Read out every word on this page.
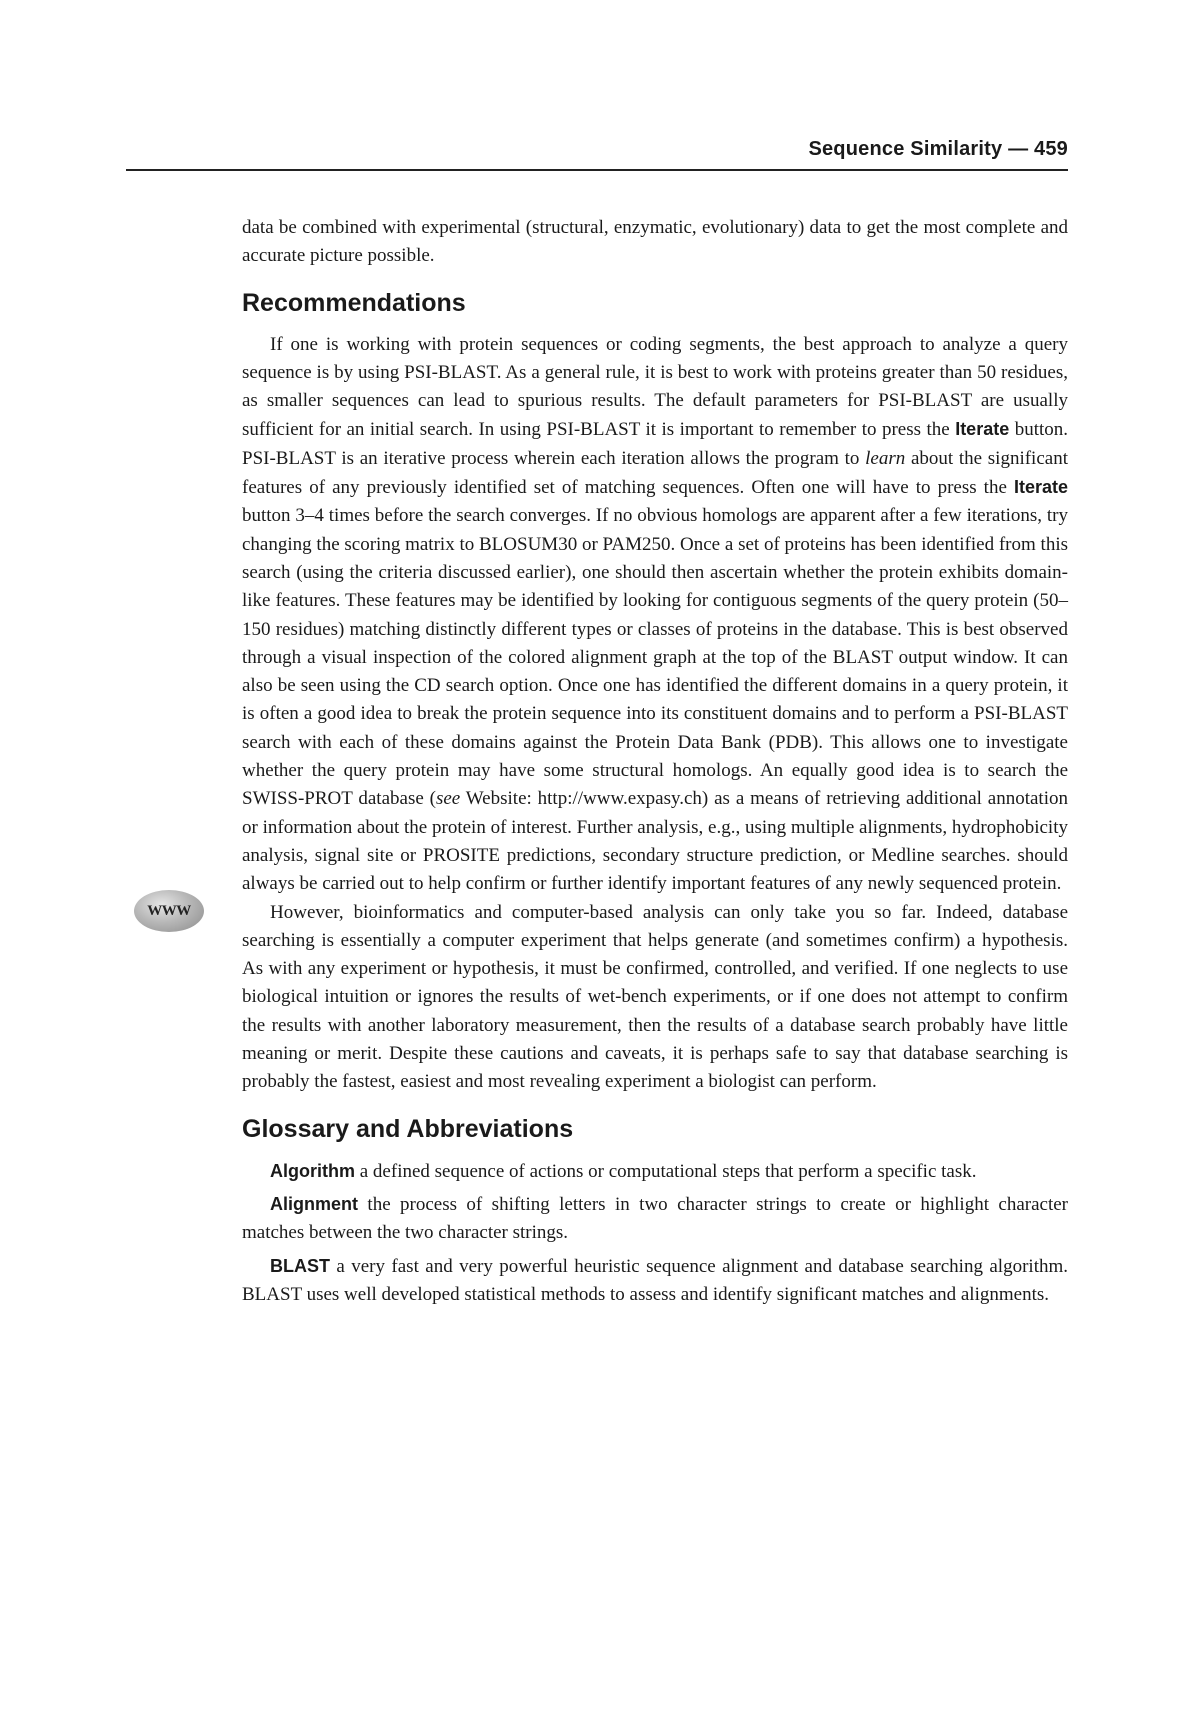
Sequence Similarity — 459
WWW

data be combined with experimental (structural, enzymatic, evolutionary) data to get the most complete and accurate picture possible.

Recommendations

If one is working with protein sequences or coding segments, the best approach to analyze a query sequence is by using PSI-BLAST. As a general rule, it is best to work with proteins greater than 50 residues, as smaller sequences can lead to spurious results. The default parameters for PSI-BLAST are usually sufficient for an initial search. In using PSI-BLAST it is important to remember to press the Iterate button. PSI-BLAST is an iterative process wherein each iteration allows the program to learn about the significant features of any previously identified set of matching sequences. Often one will have to press the Iterate button 3–4 times before the search converges. If no obvious homologs are apparent after a few iterations, try changing the scoring matrix to BLOSUM30 or PAM250. Once a set of proteins has been identified from this search (using the criteria discussed earlier), one should then ascertain whether the protein exhibits domain-like features. These features may be identified by looking for contiguous segments of the query protein (50–150 residues) matching distinctly different types or classes of proteins in the database. This is best observed through a visual inspection of the colored alignment graph at the top of the BLAST output window. It can also be seen using the CD search option. Once one has identified the different domains in a query protein, it is often a good idea to break the protein sequence into its constituent domains and to perform a PSI-BLAST search with each of these domains against the Protein Data Bank (PDB). This allows one to investigate whether the query protein may have some structural homologs. An equally good idea is to search the SWISS-PROT database (see Website: http://www.expasy.ch) as a means of retrieving additional annotation or information about the protein of interest. Further analysis, e.g., using multiple alignments, hydrophobicity analysis, signal site or PROSITE predictions, secondary structure prediction, or Medline searches. should always be carried out to help confirm or further identify important features of any newly sequenced protein.

However, bioinformatics and computer-based analysis can only take you so far. Indeed, database searching is essentially a computer experiment that helps generate (and sometimes confirm) a hypothesis. As with any experiment or hypothesis, it must be confirmed, controlled, and verified. If one neglects to use biological intuition or ignores the results of wet-bench experiments, or if one does not attempt to confirm the results with another laboratory measurement, then the results of a database search probably have little meaning or merit. Despite these cautions and caveats, it is perhaps safe to say that database searching is probably the fastest, easiest and most revealing experiment a biologist can perform.

Glossary and Abbreviations

Algorithm a defined sequence of actions or computational steps that perform a specific task.

Alignment the process of shifting letters in two character strings to create or highlight character matches between the two character strings.

BLAST a very fast and very powerful heuristic sequence alignment and database searching algorithm. BLAST uses well developed statistical methods to assess and identify significant matches and alignments.
